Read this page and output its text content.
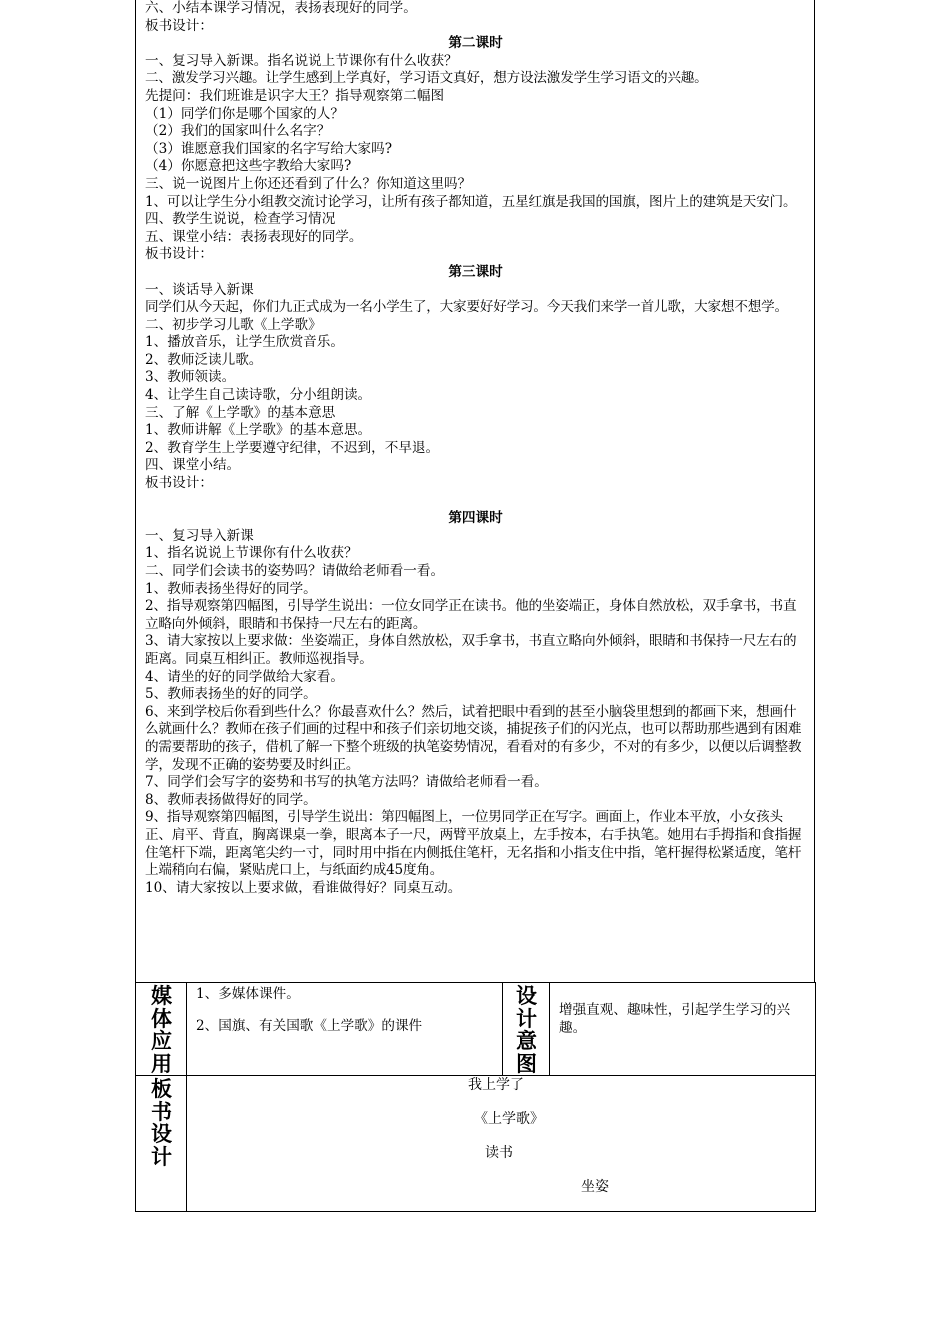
六、小结本课学习情况，表扬表现好的同学。
板书设计：
第二课时
一、复习导入新课。指名说说上节课你有什么收获？
二、激发学习兴趣。让学生感到上学真好，学习语文真好，想方设法激发学生学习语文的兴趣。
先提问：我们班谁是识字大王？指导观察第二幅图
（1）同学们你是哪个国家的人？
（2）我们的国家叫什么名字？
（3）谁愿意我们国家的名字写给大家吗?
（4）你愿意把这些字教给大家吗?
三、说一说图片上你还还看到了什么？你知道这里吗？
1、可以让学生分小组教交流讨论学习，让所有孩子都知道，五星红旗是我国的国旗，图片上的建筑是天安门。
四、教学生说说，检查学习情况
五、课堂小结：表扬表现好的同学。
板书设计：
第三课时
一、谈话导入新课
同学们从今天起，你们九正式成为一名小学生了，大家要好好学习。今天我们来学一首儿歌，大家想不想学。
二、初步学习儿歌《上学歌》
1、播放音乐，让学生欣赏音乐。
2、教师泛读儿歌。
3、教师领读。
4、让学生自己读诗歌，分小组朗读。
三、了解《上学歌》的基本意思
1、教师讲解《上学歌》的基本意思。
2、教育学生上学要遵守纪律，不迟到，不早退。
四、课堂小结。
板书设计：
第四课时
一、复习导入新课
1、指名说说上节课你有什么收获？
二、同学们会读书的姿势吗？请做给老师看一看。
1、教师表扬坐得好的同学。
2、指导观察第四幅图，引导学生说出：一位女同学正在读书。他的坐姿端正，身体自然放松，双手拿书，书直立略向外倾斜，眼睛和书保持一尺左右的距离。
3、请大家按以上要求做：坐姿端正，身体自然放松，双手拿书，书直立略向外倾斜，眼睛和书保持一尺左右的距离。同桌互相纠正。教师巡视指导。
4、请坐的好的同学做给大家看。
5、教师表扬坐的好的同学。
6、来到学校后你看到些什么？你最喜欢什么？然后，试着把眼中看到的甚至小脑袋里想到的都画下来，想画什么就画什么？教师在孩子们画的过程中和孩子们亲切地交谈，捕捉孩子们的闪光点，也可以帮助那些遇到有困难的需要帮助的孩子，借机了解一下整个班级的执笔姿势情况，看看对的有多少，不对的有多少，以便以后调整教学，发现不正确的姿势要及时纠正。
7、同学们会写字的姿势和书写的执笔方法吗？请做给老师看一看。
8、教师表扬做得好的同学。
9、指导观察第四幅图，引导学生说出：第四幅图上，一位男同学正在写字。画面上，作业本平放，小女孩头正、肩平、背直，胸离课桌一拳，眼离本子一尺，两臂平放桌上，左手按本，右手执笔。她用右手拇指和食指握住笔杆下端，距离笔尖约一寸，同时用中指在内侧抵住笔杆，无名指和小指支住中指，笔杆握得松紧适度，笔杆上端稍向右偏，紧贴虎口上，与纸面约成45度角。
10、请大家按以上要求做，看谁做得好？同桌互动。
媒体应用	1、多媒体课件。
2、国旗、有关国歌《上学歌》的课件	设计意图	增强直观、趣味性，引起学生学习的兴趣。

板书设计	我上学了
《上学歌》
读书
坐姿		
